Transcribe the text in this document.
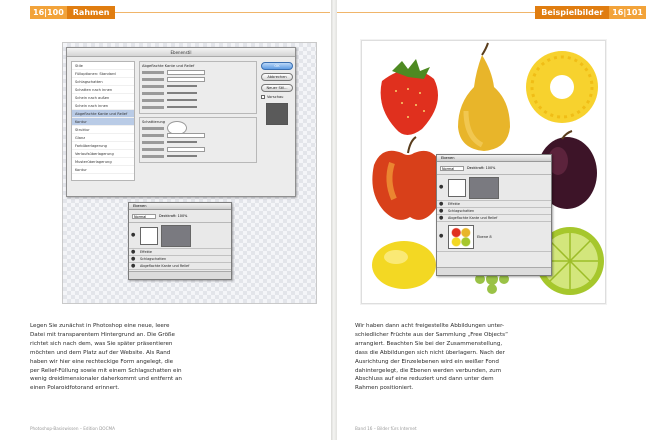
16|100	Rahmen
Ebenenstil
Stile
Fülloptionen: Standard
Schlagschatten
Schatten nach innen
Schein nach außen
Schein nach innen
Abgeflachte Kante und Relief
Kontur
Struktur
Glanz
Farbüberlagerung
Verlaufsüberlagerung
Musterüberlagerung
Kontur
Abgeflachte Kante und Relief
Schattierung
OK
Abbrechen
Neuer Stil...
Vorschau
Ebenen
Normal	Deckkraft: 100%
●
●	Effekte
●	Schlagschatten
●	Abgeflachte Kante und Relief
Legen Sie zunächst in Photoshop eine neue, leere
Datei mit transparentem Hintergrund an. Die Größe
richtet sich nach dem, was Sie später präsentieren
möchten und dem Platz auf der Website. Als Rand
haben wir hier eine rechteckige Form angelegt, die
per Relief-Füllung sowie mit einem Schlagschatten ein
wenig dreidimensionaler daherkommt und entfernt an
einen Polaroidfotorand erinnert.
Photoshop-Basiswissen – Edition DOCMA
Beispielbilder	16|101
Ebenen
Normal	Deckkraft: 100%
●
●	Effekte
●	Schlagschatten
●	Abgeflachte Kante und Relief
●	Ebene 8
Wir haben dann acht freigestellte Abbildungen unter-
schiedlicher Früchte aus der Sammlung „Free Objects“
arrangiert. Beachten Sie bei der Zusammenstellung,
dass die Abbildungen sich nicht überlagern. Nach der
Ausrichtung der Einzelebenen wird ein weißer Fond
dahintergelegt, die Ebenen werden verbunden, zum
Abschluss auf eine reduziert und dann unter dem
Rahmen positioniert.
Band 16 – Bilder fürs Internet
